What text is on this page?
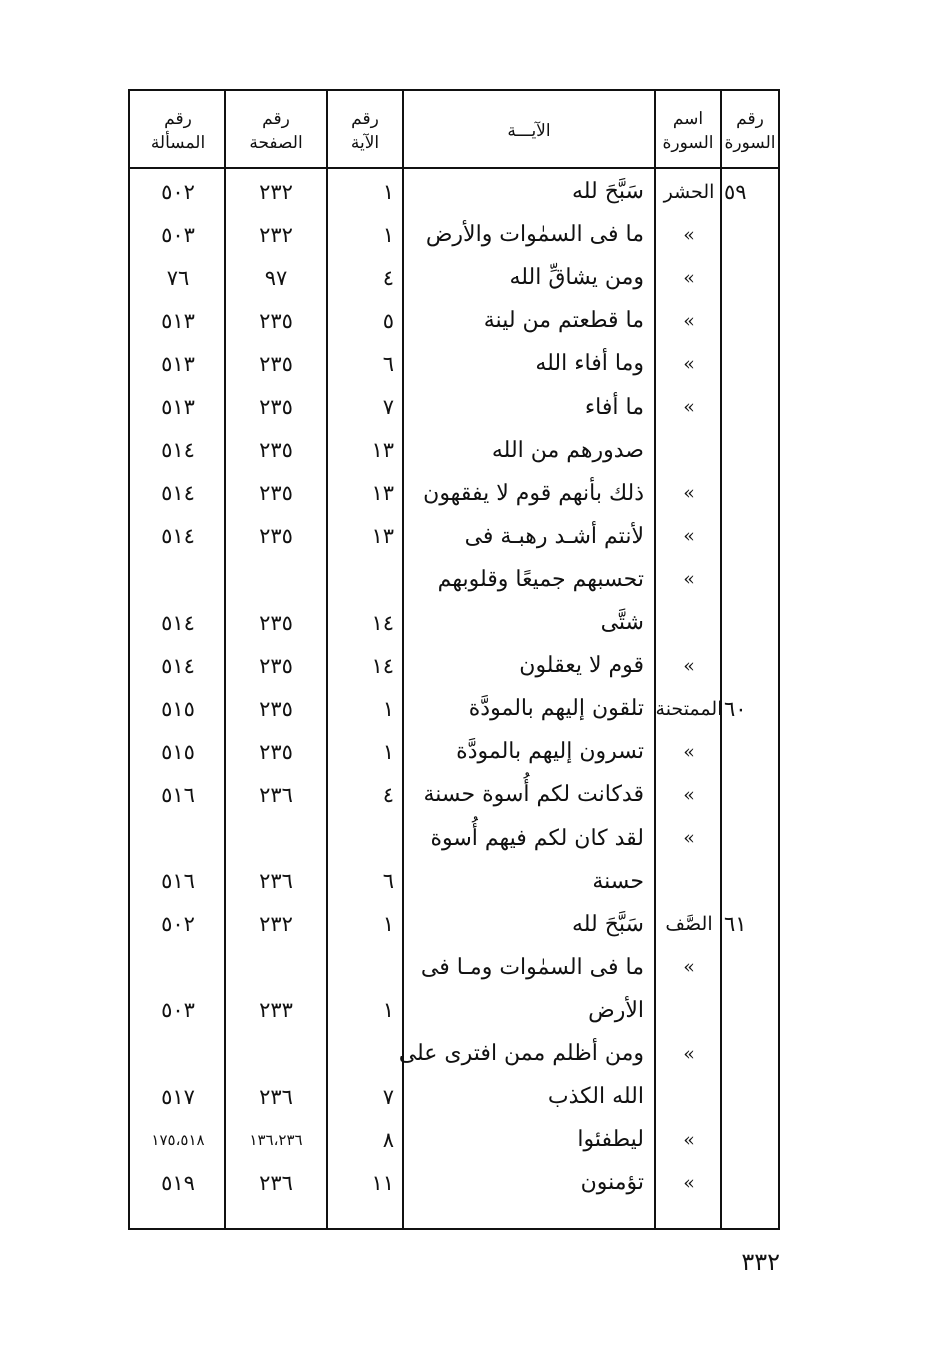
رقم
السورة
اسم
السورة
الآيـــة
رقم
الآية
رقم
الصفحة
رقم
المسألة
٥٩
الحشر
سَبَّحَ لله
١
٢٣٢
٥٠٢
»
ما فى السمٰوات والأرض
١
٢٣٢
٥٠٣
»
ومن يشاقِّ الله
٤
٩٧
٧٦
»
ما قطعتم من لينة
٥
٢٣٥
٥١٣
»
وما أفاء الله
٦
٢٣٥
٥١٣
»
ما أفاء
٧
٢٣٥
٥١٣
صدورهم من الله
١٣
٢٣٥
٥١٤
»
ذلك بأنهم قوم لا يفقهون
١٣
٢٣٥
٥١٤
»
لأنتم أشـد رهبـة فى
١٣
٢٣٥
٥١٤
»
تحسبهم جميعًا وقلوبهم
شتَّى
١٤
٢٣٥
٥١٤
»
قوم لا يعقلون
١٤
٢٣٥
٥١٤
٦٠
الممتحنة
تلقون إليهم بالمودَّة
١
٢٣٥
٥١٥
»
تسرون إليهم بالمودَّة
١
٢٣٥
٥١٥
»
قدكانت لكم أُسوة حسنة
٤
٢٣٦
٥١٦
»
لقد كان لكم فيهم أُسوة
حسنة
٦
٢٣٦
٥١٦
٦١
الصَّف
سَبَّحَ لله
١
٢٣٢
٥٠٢
»
ما فى السمٰوات ومـا فى
الأرض
١
٢٣٣
٥٠٣
»
ومن أظلم ممن افترى على
الله الكذب
٧
٢٣٦
٥١٧
»
ليطفئوا
٨
١٣٦،٢٣٦
١٧٥،٥١٨
»
تؤمنون
١١
٢٣٦
٥١٩
٣٣٢
